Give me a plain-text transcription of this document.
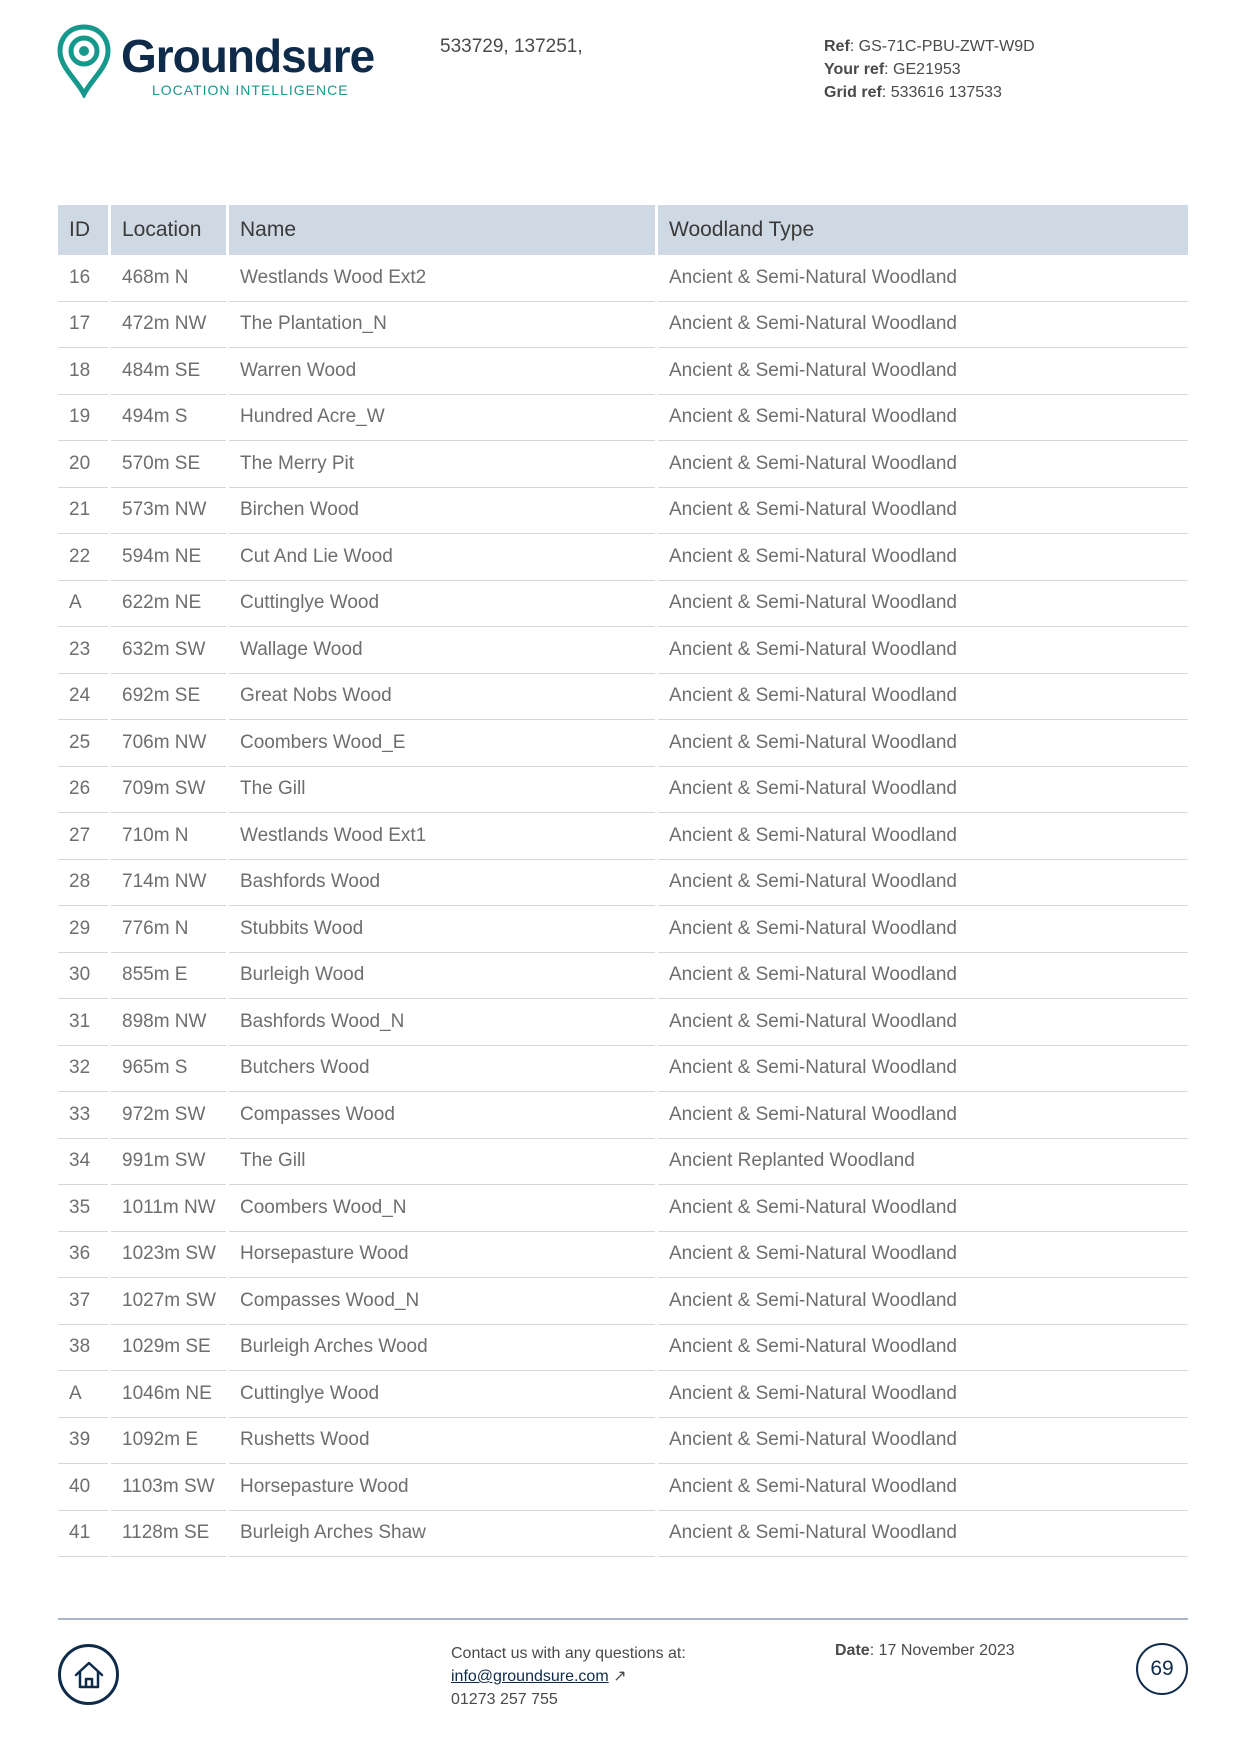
Groundsure
LOCATION INTELLIGENCE
533729, 137251,	Ref: GS-71C-PBU-ZWT-W9D
Your ref: GE21953
Grid ref: 533616 137533
ID	Location	Name	Woodland Type
16	468m N	Westlands Wood Ext2	Ancient & Semi-Natural Woodland
17	472m NW	The Plantation_N	Ancient & Semi-Natural Woodland
18	484m SE	Warren Wood	Ancient & Semi-Natural Woodland
19	494m S	Hundred Acre_W	Ancient & Semi-Natural Woodland
20	570m SE	The Merry Pit	Ancient & Semi-Natural Woodland
21	573m NW	Birchen Wood	Ancient & Semi-Natural Woodland
22	594m NE	Cut And Lie Wood	Ancient & Semi-Natural Woodland
A	622m NE	Cuttinglye Wood	Ancient & Semi-Natural Woodland
23	632m SW	Wallage Wood	Ancient & Semi-Natural Woodland
24	692m SE	Great Nobs Wood	Ancient & Semi-Natural Woodland
25	706m NW	Coombers Wood_E	Ancient & Semi-Natural Woodland
26	709m SW	The Gill	Ancient & Semi-Natural Woodland
27	710m N	Westlands Wood Ext1	Ancient & Semi-Natural Woodland
28	714m NW	Bashfords Wood	Ancient & Semi-Natural Woodland
29	776m N	Stubbits Wood	Ancient & Semi-Natural Woodland
30	855m E	Burleigh Wood	Ancient & Semi-Natural Woodland
31	898m NW	Bashfords Wood_N	Ancient & Semi-Natural Woodland
32	965m S	Butchers Wood	Ancient & Semi-Natural Woodland
33	972m SW	Compasses Wood	Ancient & Semi-Natural Woodland
34	991m SW	The Gill	Ancient Replanted Woodland
35	1011m NW	Coombers Wood_N	Ancient & Semi-Natural Woodland
36	1023m SW	Horsepasture Wood	Ancient & Semi-Natural Woodland
37	1027m SW	Compasses Wood_N	Ancient & Semi-Natural Woodland
38	1029m SE	Burleigh Arches Wood	Ancient & Semi-Natural Woodland
A	1046m NE	Cuttinglye Wood	Ancient & Semi-Natural Woodland
39	1092m E	Rushetts Wood	Ancient & Semi-Natural Woodland
40	1103m SW	Horsepasture Wood	Ancient & Semi-Natural Woodland
41	1128m SE	Burleigh Arches Shaw	Ancient & Semi-Natural Woodland
Contact us with any questions at:
info@groundsure.com ↗
01273 257 755
Date: 17 November 2023
69
